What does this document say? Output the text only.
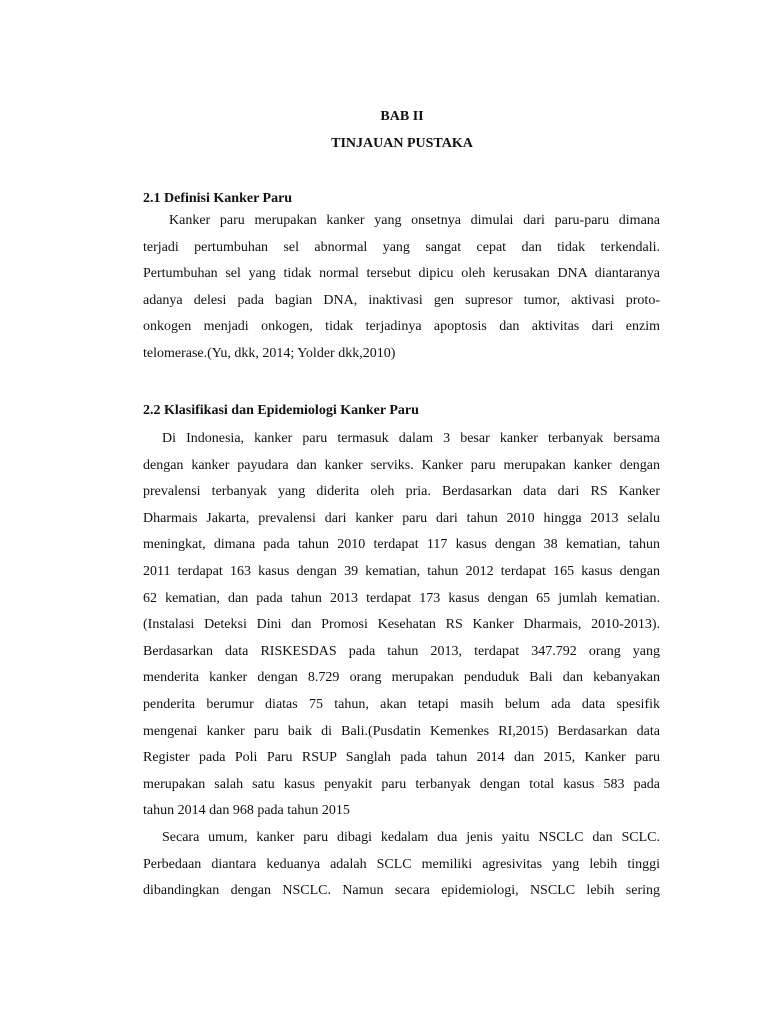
BAB II
TINJAUAN PUSTAKA
2.1 Definisi Kanker Paru
Kanker paru merupakan kanker yang onsetnya dimulai dari paru-paru dimana
terjadi pertumbuhan sel abnormal yang sangat cepat dan tidak terkendali.
Pertumbuhan sel yang tidak normal tersebut dipicu oleh kerusakan DNA diantaranya
adanya delesi pada bagian DNA, inaktivasi gen supresor tumor, aktivasi proto-
onkogen menjadi onkogen, tidak terjadinya apoptosis dan aktivitas dari enzim
telomerase.(Yu, dkk, 2014; Yolder dkk,2010)
2.2 Klasifikasi dan Epidemiologi Kanker Paru
Di Indonesia, kanker paru termasuk dalam 3 besar kanker terbanyak bersama
dengan kanker payudara dan kanker serviks. Kanker paru merupakan kanker dengan
prevalensi terbanyak yang diderita oleh pria. Berdasarkan data dari RS Kanker
Dharmais Jakarta, prevalensi dari kanker paru dari tahun 2010 hingga 2013 selalu
meningkat, dimana pada tahun 2010 terdapat 117 kasus dengan 38 kematian, tahun
2011 terdapat 163 kasus dengan 39 kematian, tahun 2012 terdapat 165 kasus dengan
62 kematian, dan pada tahun 2013 terdapat 173 kasus dengan 65 jumlah kematian.
(Instalasi Deteksi Dini dan Promosi Kesehatan RS Kanker Dharmais, 2010-2013).
Berdasarkan data RISKESDAS pada tahun 2013, terdapat 347.792 orang yang
menderita kanker dengan 8.729 orang merupakan penduduk Bali dan kebanyakan
penderita berumur diatas 75 tahun, akan tetapi masih belum ada data spesifik
mengenai kanker paru baik di Bali.(Pusdatin Kemenkes RI,2015) Berdasarkan data
Register pada Poli Paru RSUP Sanglah pada tahun 2014 dan 2015, Kanker paru
merupakan salah satu kasus penyakit paru terbanyak dengan total kasus 583 pada
tahun 2014 dan 968 pada tahun 2015
Secara umum, kanker paru dibagi kedalam dua jenis yaitu NSCLC dan SCLC.
Perbedaan diantara keduanya adalah SCLC memiliki agresivitas yang lebih tinggi
dibandingkan dengan NSCLC. Namun secara epidemiologi, NSCLC lebih sering
